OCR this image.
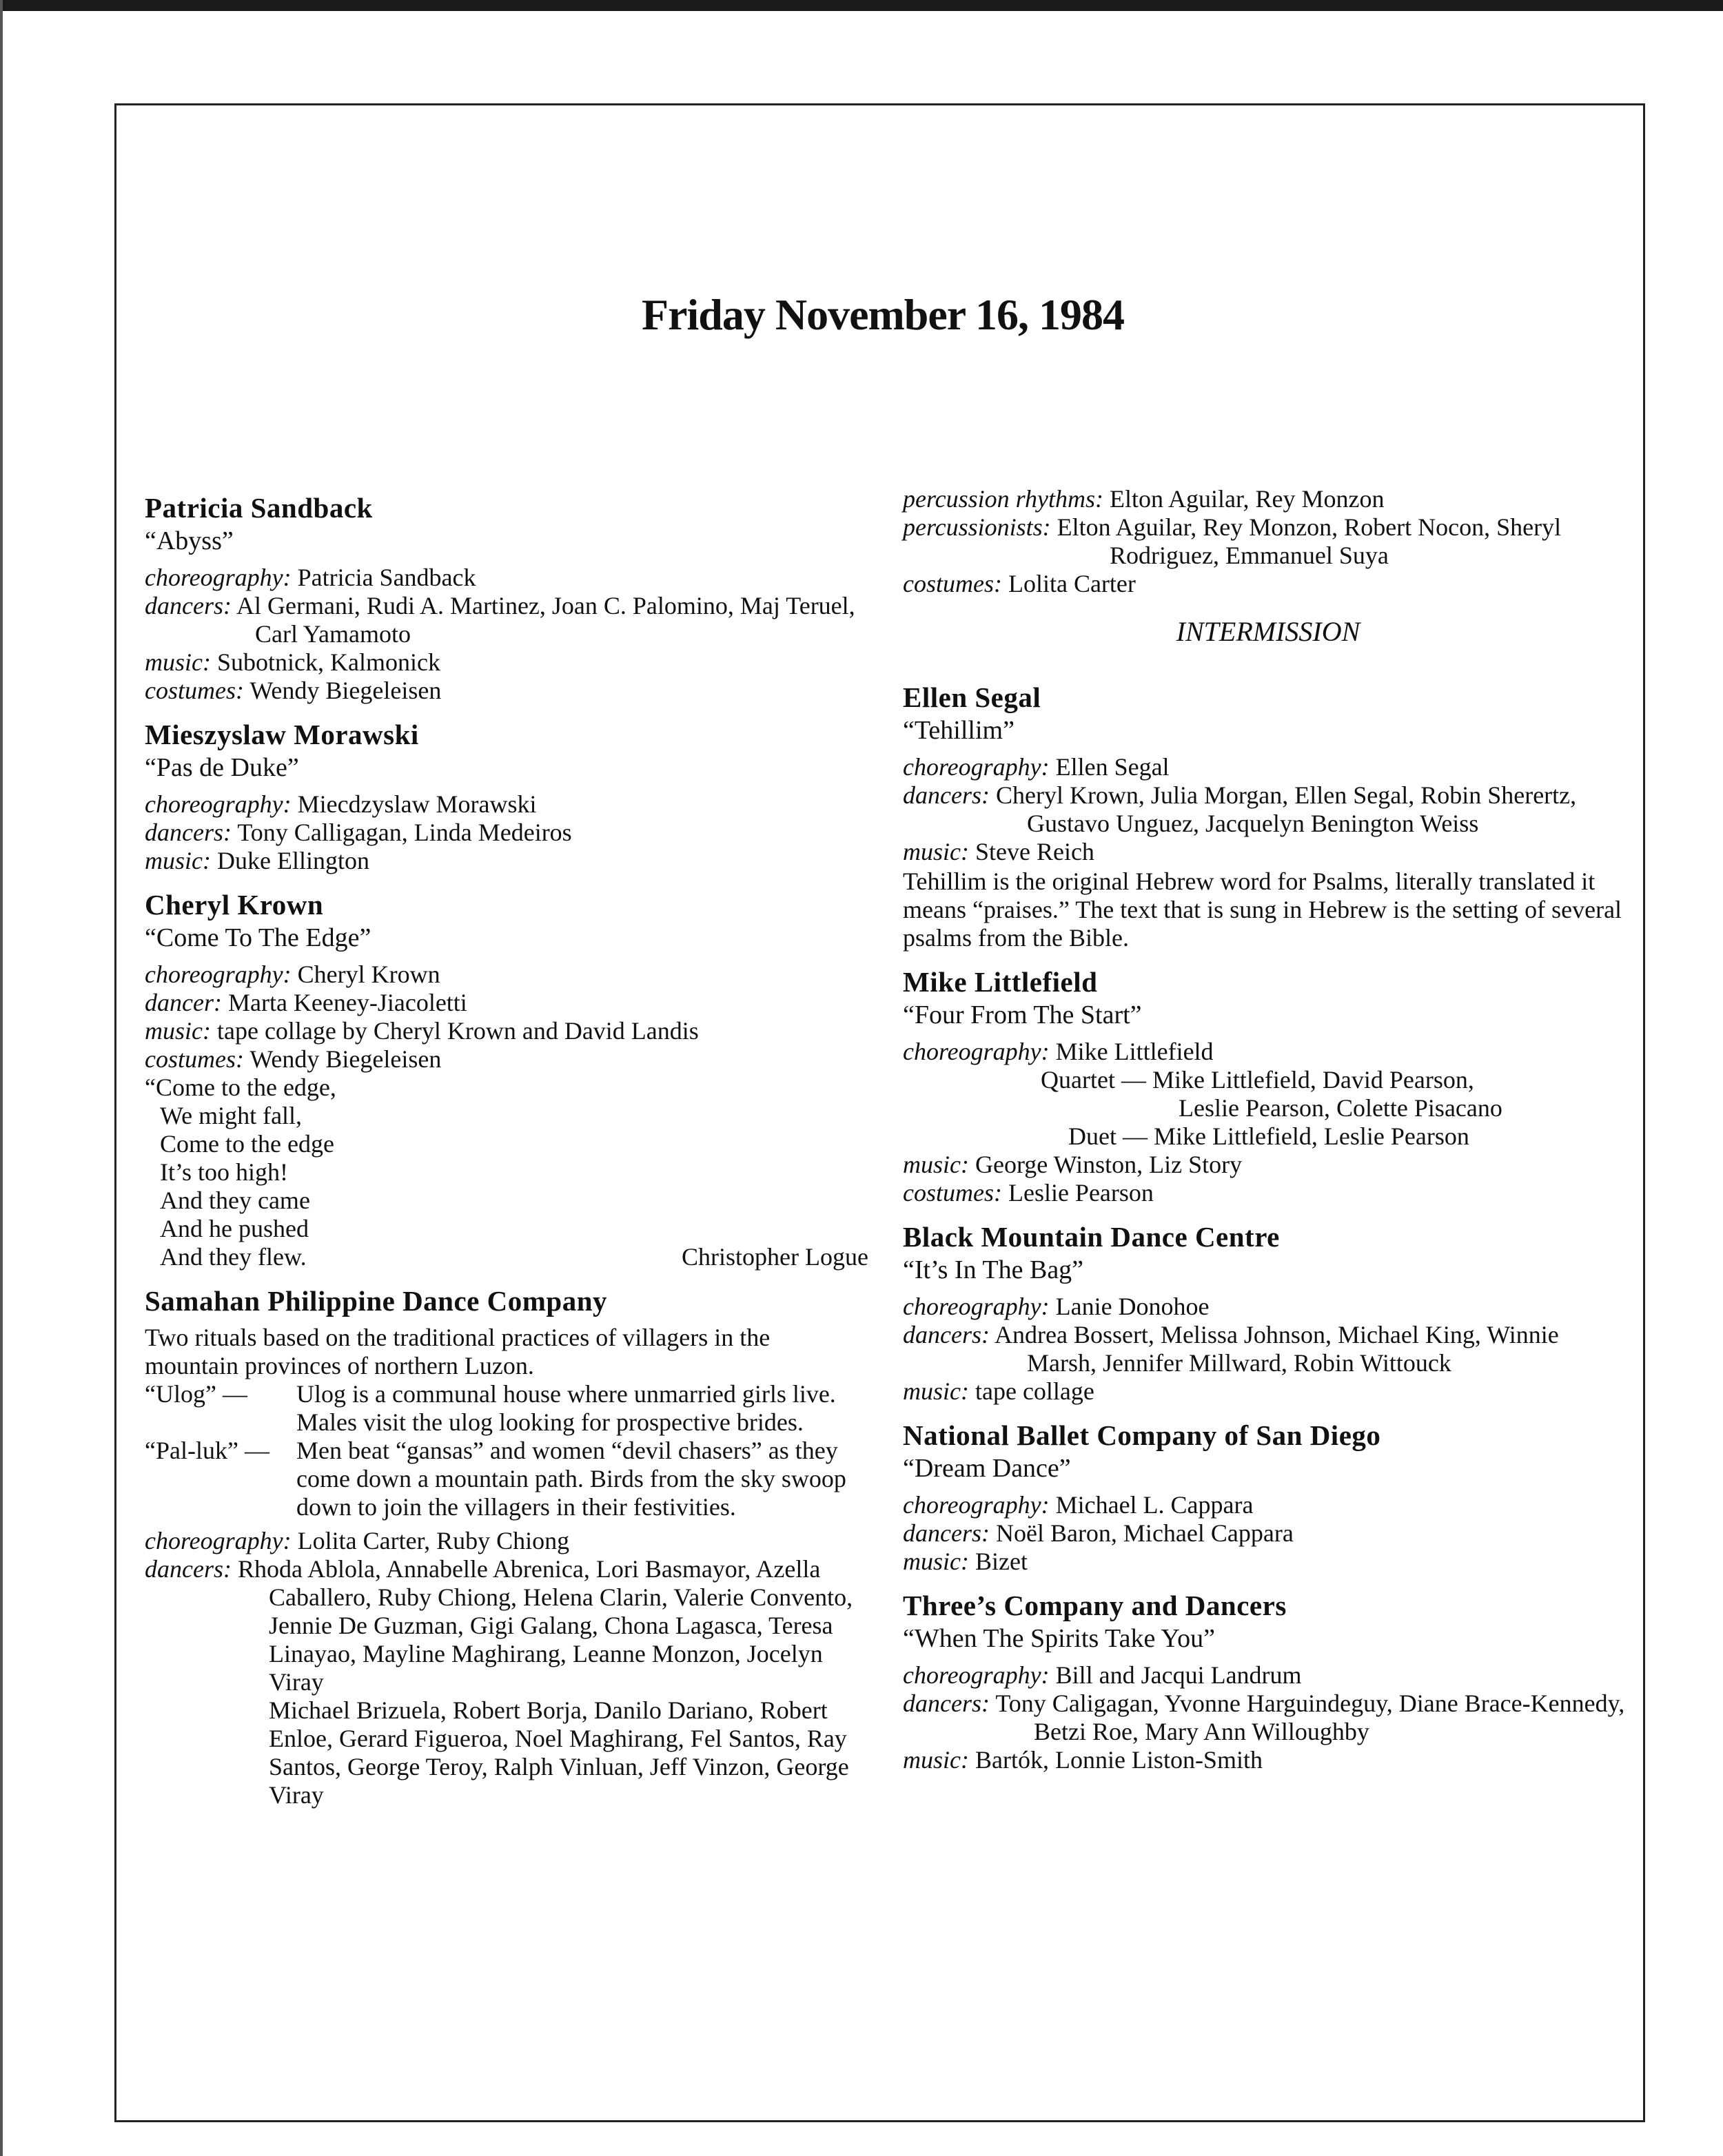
Friday November 16, 1984
Patricia Sandback
“Abyss”
choreography: Patricia Sandback
dancers: Al Germani, Rudi A. Martinez, Joan C. Palomino, Maj Teruel, Carl Yamamoto
music: Subotnick, Kalmonick
costumes: Wendy Biegeleisen
Mieszyslaw Morawski
“Pas de Duke”
choreography: Miecdzyslaw Morawski
dancers: Tony Calligagan, Linda Medeiros
music: Duke Ellington
Cheryl Krown
“Come To The Edge”
choreography: Cheryl Krown
dancer: Marta Keeney-Jiacoletti
music: tape collage by Cheryl Krown and David Landis
costumes: Wendy Biegeleisen
“Come to the edge,
We might fall,
Come to the edge
It’s too high!
And they came
And he pushed
And they flew.	Christopher Logue
Samahan Philippine Dance Company
Two rituals based on the traditional practices of villagers in the mountain provinces of northern Luzon.
“Ulog” —	Ulog is a communal house where unmarried girls live. Males visit the ulog looking for prospective brides.
“Pal-luk” —	Men beat “gansas” and women “devil chasers” as they come down a mountain path. Birds from the sky swoop down to join the villagers in their festivities.
choreography: Lolita Carter, Ruby Chiong
dancers: Rhoda Ablola, Annabelle Abrenica, Lori Basmayor, Azella Caballero, Ruby Chiong, Helena Clarin, Valerie Convento, Jennie De Guzman, Gigi Galang, Chona Lagasca, Teresa Linayao, Mayline Maghirang, Leanne Monzon, Jocelyn Viray
Michael Brizuela, Robert Borja, Danilo Dariano, Robert Enloe, Gerard Figueroa, Noel Maghirang, Fel Santos, Ray Santos, George Teroy, Ralph Vinluan, Jeff Vinzon, George Viray
percussion rhythms: Elton Aguilar, Rey Monzon
percussionists: Elton Aguilar, Rey Monzon, Robert Nocon, Sheryl Rodriguez, Emmanuel Suya
costumes: Lolita Carter
INTERMISSION
Ellen Segal
“Tehillim”
choreography: Ellen Segal
dancers: Cheryl Krown, Julia Morgan, Ellen Segal, Robin Sherertz, Gustavo Unguez, Jacquelyn Benington Weiss
music: Steve Reich
Tehillim is the original Hebrew word for Psalms, literally translated it means “praises.” The text that is sung in Hebrew is the setting of several psalms from the Bible.
Mike Littlefield
“Four From The Start”
choreography: Mike Littlefield
Quartet — Mike Littlefield, David Pearson,
Leslie Pearson, Colette Pisacano
Duet — Mike Littlefield, Leslie Pearson
music: George Winston, Liz Story
costumes: Leslie Pearson
Black Mountain Dance Centre
“It’s In The Bag”
choreography: Lanie Donohoe
dancers: Andrea Bossert, Melissa Johnson, Michael King, Winnie Marsh, Jennifer Millward, Robin Wittouck
music: tape collage
National Ballet Company of San Diego
“Dream Dance”
choreography: Michael L. Cappara
dancers: Noël Baron, Michael Cappara
music: Bizet
Three’s Company and Dancers
“When The Spirits Take You”
choreography: Bill and Jacqui Landrum
dancers: Tony Caligagan, Yvonne Harguindeguy, Diane Brace-Kennedy, Betzi Roe, Mary Ann Willoughby
music: Bartók, Lonnie Liston-Smith
